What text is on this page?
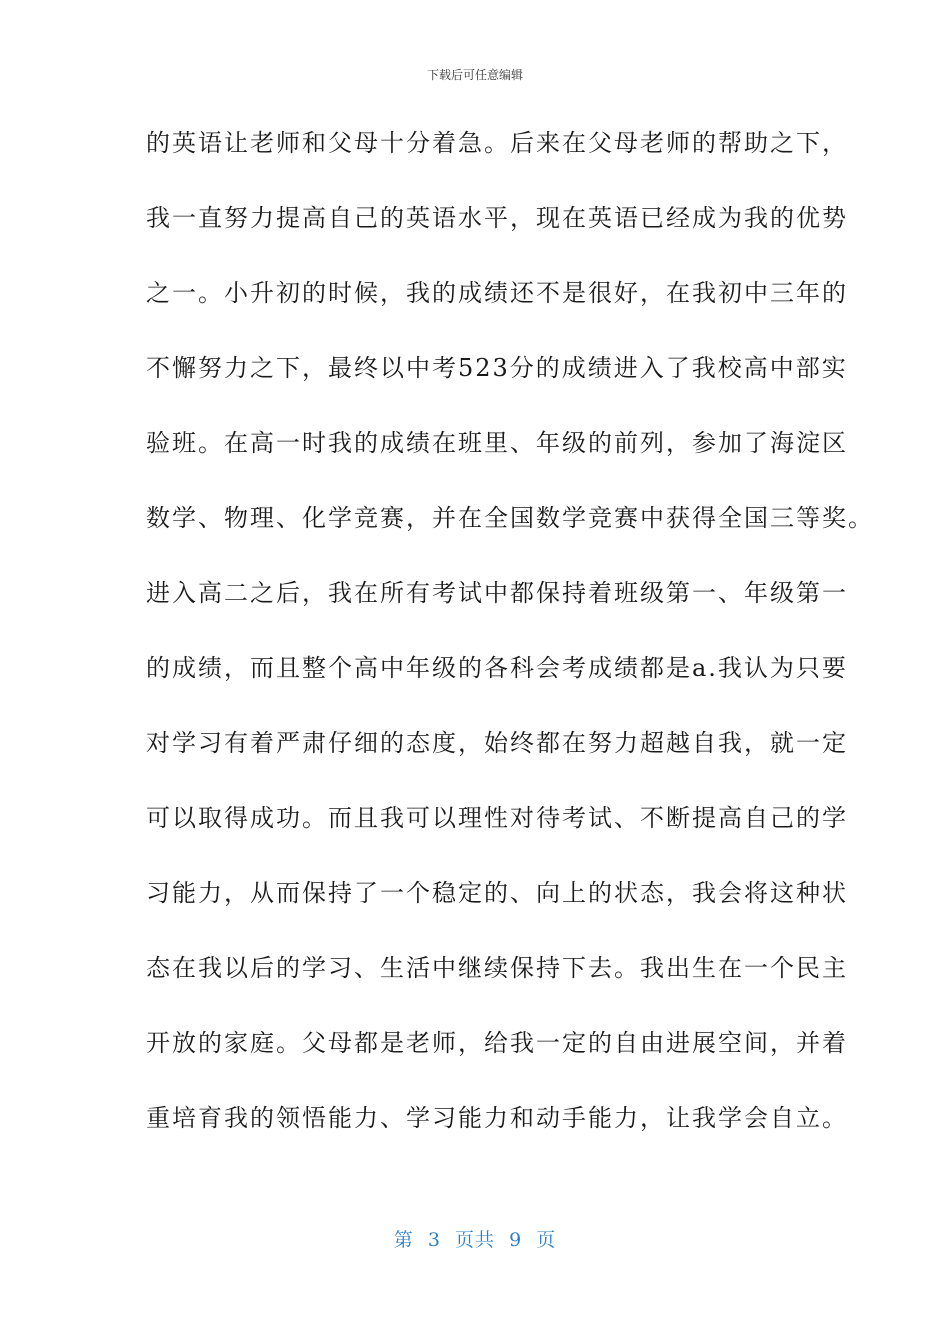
下载后可任意编辑
的英语让老师和父母十分着急。后来在父母老师的帮助之下，
我一直努力提高自己的英语水平，现在英语已经成为我的优势
之一。小升初的时候，我的成绩还不是很好，在我初中三年的
不懈努力之下，最终以中考523分的成绩进入了我校高中部实
验班。在高一时我的成绩在班里、年级的前列，参加了海淀区
数学、物理、化学竞赛，并在全国数学竞赛中获得全国三等奖。
进入高二之后，我在所有考试中都保持着班级第一、年级第一
的成绩，而且整个高中年级的各科会考成绩都是a.我认为只要
对学习有着严肃仔细的态度，始终都在努力超越自我，就一定
可以取得成功。而且我可以理性对待考试、不断提高自己的学
习能力，从而保持了一个稳定的、向上的状态，我会将这种状
态在我以后的学习、生活中继续保持下去。我出生在一个民主
开放的家庭。父母都是老师，给我一定的自由进展空间，并着
重培育我的领悟能力、学习能力和动手能力，让我学会自立。
第  3  页共  9  页
